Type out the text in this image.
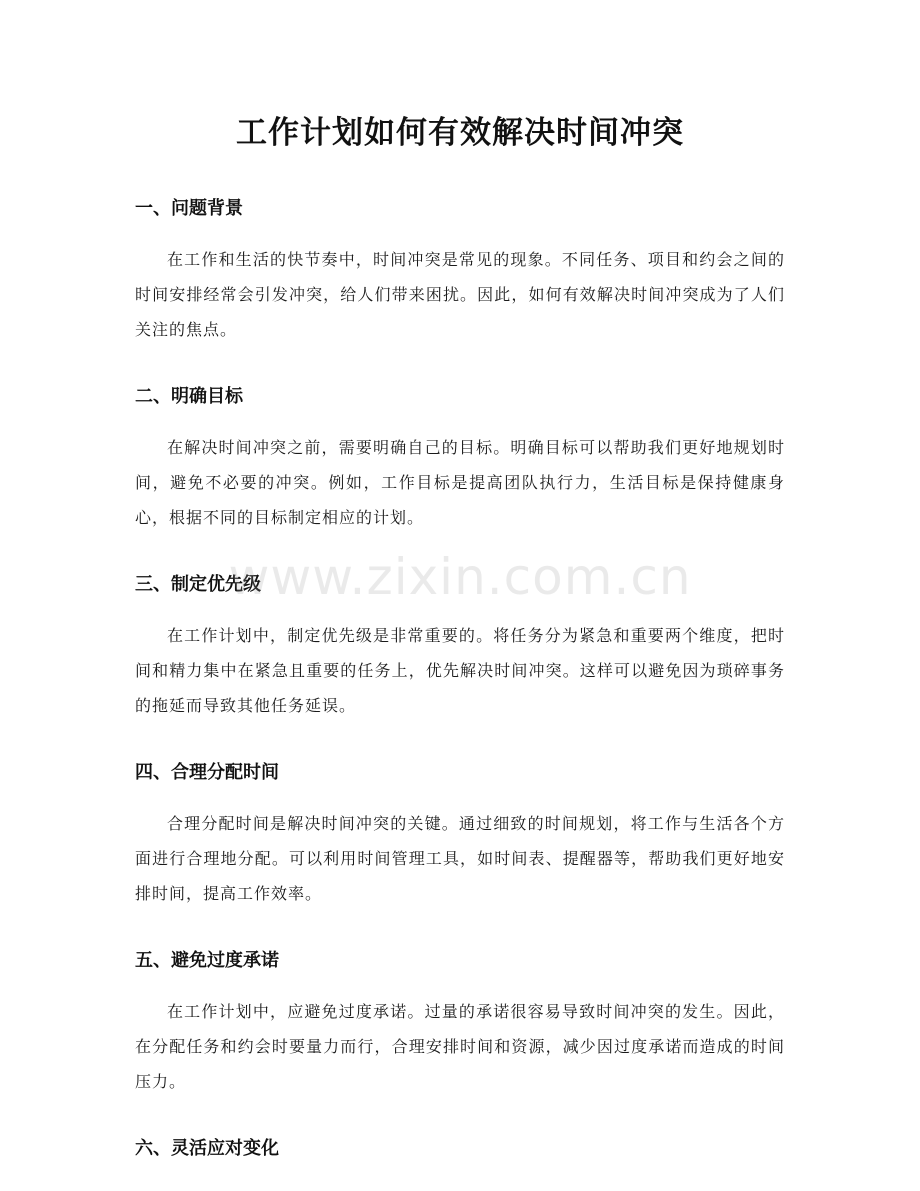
工作计划如何有效解决时间冲突
一、问题背景

在工作和生活的快节奏中，时间冲突是常见的现象。不同任务、项目和约会之间的时间安排经常会引发冲突，给人们带来困扰。因此，如何有效解决时间冲突成为了人们关注的焦点。

二、明确目标

在解决时间冲突之前，需要明确自己的目标。明确目标可以帮助我们更好地规划时间，避免不必要的冲突。例如，工作目标是提高团队执行力，生活目标是保持健康身心，根据不同的目标制定相应的计划。

三、制定优先级

在工作计划中，制定优先级是非常重要的。将任务分为紧急和重要两个维度，把时间和精力集中在紧急且重要的任务上，优先解决时间冲突。这样可以避免因为琐碎事务的拖延而导致其他任务延误。

四、合理分配时间

合理分配时间是解决时间冲突的关键。通过细致的时间规划，将工作与生活各个方面进行合理地分配。可以利用时间管理工具，如时间表、提醒器等，帮助我们更好地安排时间，提高工作效率。

五、避免过度承诺

在工作计划中，应避免过度承诺。过量的承诺很容易导致时间冲突的发生。因此，在分配任务和约会时要量力而行，合理安排时间和资源，减少因过度承诺而造成的时间压力。

六、灵活应对变化
www.zixin.com.cn
